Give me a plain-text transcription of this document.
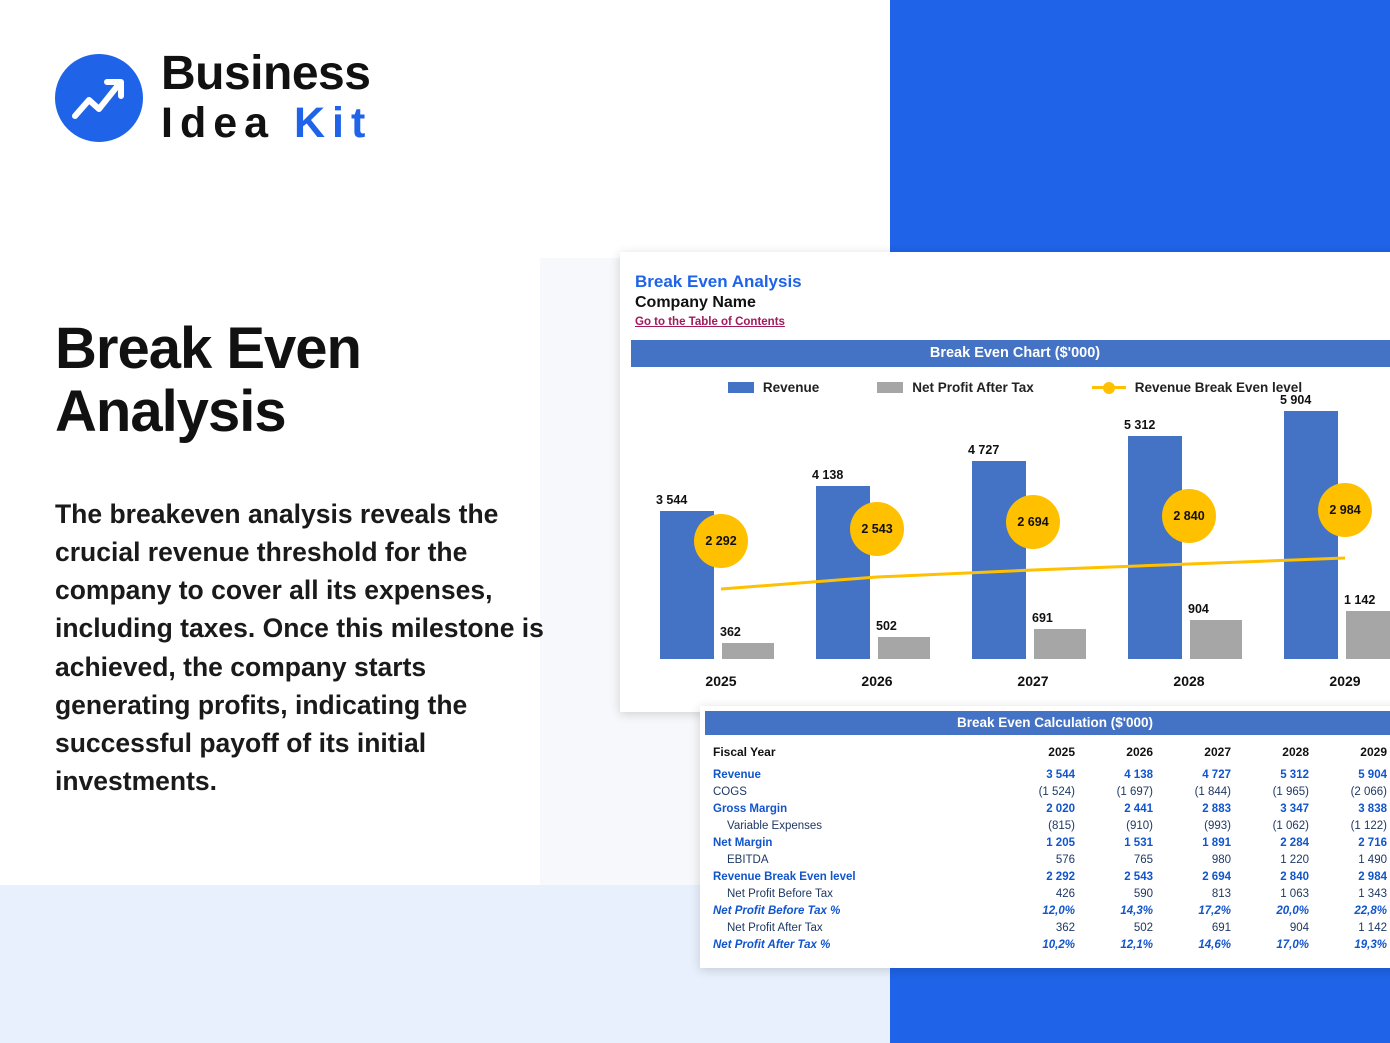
Business
Idea Kit
Break Even Analysis
The breakeven analysis reveals the crucial revenue threshold for the company to cover all its expenses, including taxes. Once this milestone is achieved, the company starts generating profits, indicating the successful payoff of its initial investments.
Break Even Analysis
Company Name
Go to the Table of Contents
Break Even Chart ($'000)
Revenue	Net Profit After Tax	Revenue Break Even level
3 544
362
2 292
2025
4 138
502
2 543
2026
4 727
691
2 694
2027
5 312
904
2 840
2028
5 904
1 142
2 984
2029
Break Even Calculation ($'000)
Fiscal Year	2025	2026	2027	2028	2029
Revenue	3 544	4 138	4 727	5 312	5 904
COGS	(1 524)	(1 697)	(1 844)	(1 965)	(2 066)
Gross Margin	2 020	2 441	2 883	3 347	3 838
Variable Expenses	(815)	(910)	(993)	(1 062)	(1 122)
Net Margin	1 205	1 531	1 891	2 284	2 716
EBITDA	576	765	980	1 220	1 490
Revenue Break Even level	2 292	2 543	2 694	2 840	2 984
Net Profit Before Tax	426	590	813	1 063	1 343
Net Profit Before Tax %	12,0%	14,3%	17,2%	20,0%	22,8%
Net Profit After Tax	362	502	691	904	1 142
Net Profit After Tax %	10,2%	12,1%	14,6%	17,0%	19,3%
